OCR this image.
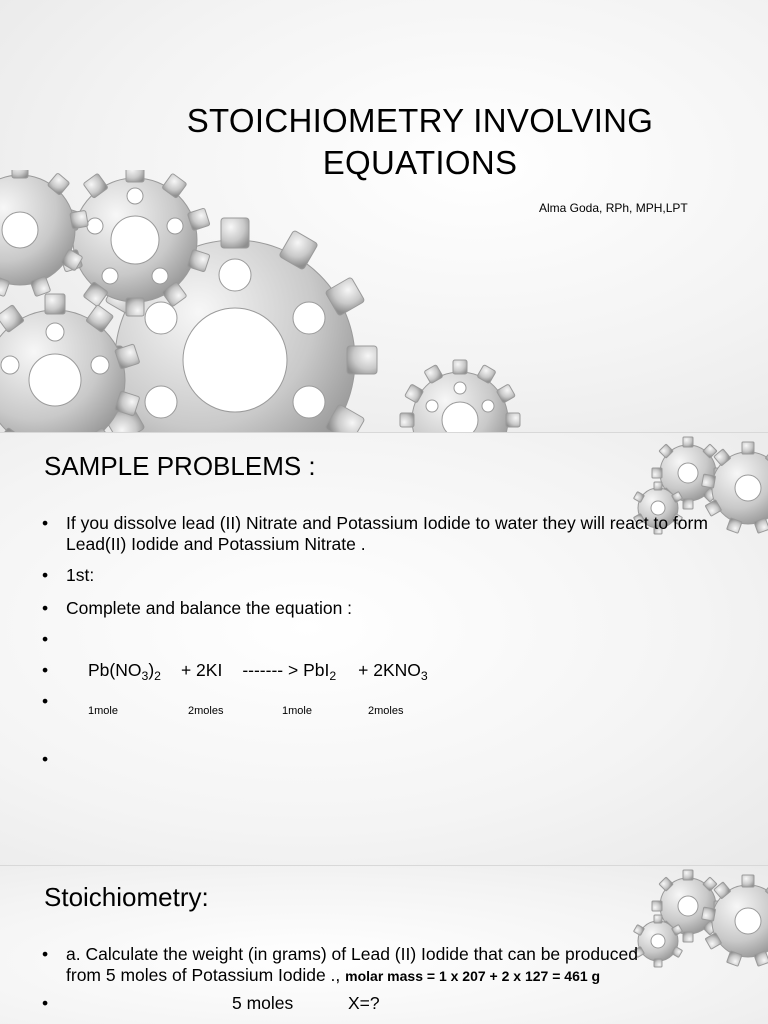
STOICHIOMETRY INVOLVING
EQUATIONS
Alma Goda, RPh, MPH,LPT
SAMPLE PROBLEMS :
• If you dissolve lead (II) Nitrate and Potassium Iodide to water they will react to form Lead(II) Iodide and Potassium Nitrate .
• 1st:
• Complete and balance the equation :
•
• $Pb(NO_3)_2 + 2KI$ ------- > $PbI_2 + 2KNO_3$

•	1mole	2moles	1mole	2moles
•
Stoichiometry:
• a. Calculate the weight (in grams) of Lead (II) Iodide that can be produced
from 5 moles of Potassium Iodide ., molar mass = 1 x 207 + 2 x 127 = 461 g
•	5 moles	X=?
